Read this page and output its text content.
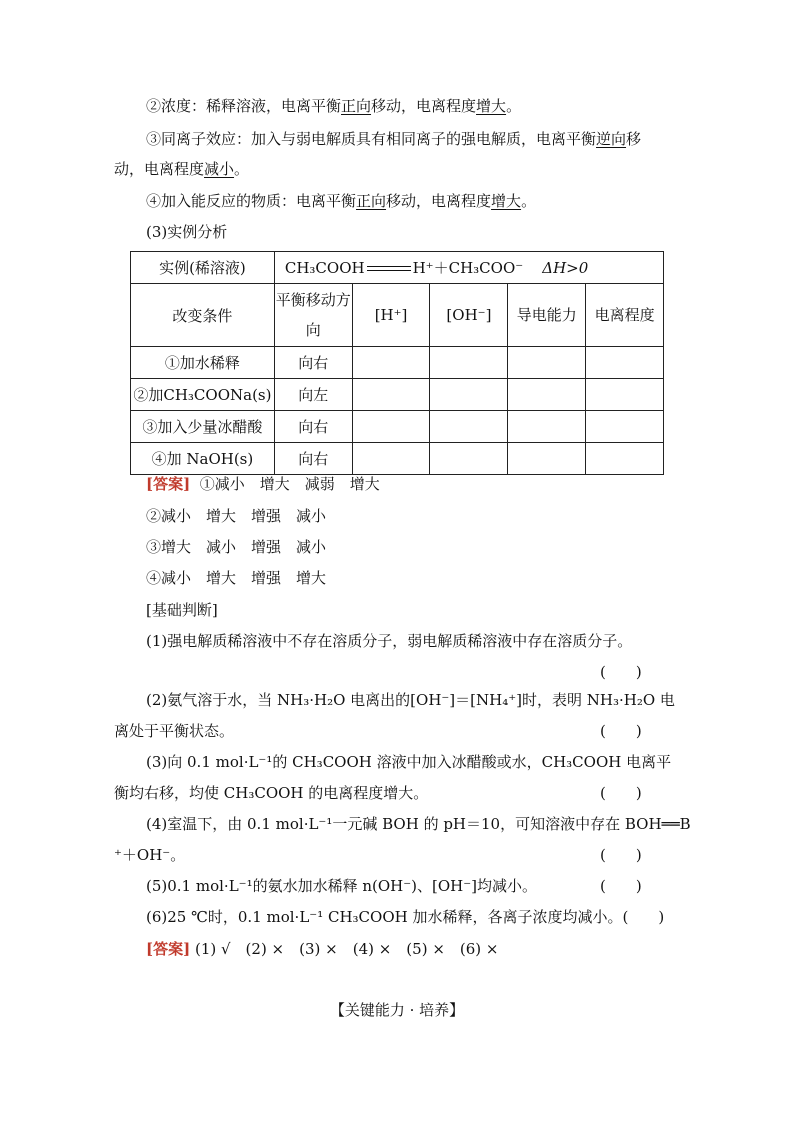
②浓度：稀释溶液，电离平衡正向移动，电离程度增大。
③同离子效应：加入与弱电解质具有相同离子的强电解质，电离平衡逆向移
动，电离程度减小。
④加入能反应的物质：电离平衡正向移动，电离程度增大。
(3)实例分析
实例(稀溶液)	CH₃COOH H⁺＋CH₃COO⁻ ΔH>0				
改变条件	平衡移动方向	[H⁺]	[OH⁻]	导电能力	电离程度
①加水稀释	向右				
②加CH₃COONa(s)	向左				
③加入少量冰醋酸	向右				
④加 NaOH(s)	向右				
[答案] ①减小　增大　减弱　增大
②减小　增大　增强　减小
③增大　减小　增强　减小
④减小　增大　增强　增大
[基础判断]
(1)强电解质稀溶液中不存在溶质分子，弱电解质稀溶液中存在溶质分子。
(　　)
(2)氨气溶于水，当 NH₃·H₂O 电离出的[OH⁻]＝[NH₄⁺]时，表明 NH₃·H₂O 电
离处于平衡状态。	(　　)
(3)向 0.1 mol·L⁻¹的 CH₃COOH 溶液中加入冰醋酸或水，CH₃COOH 电离平
衡均右移，均使 CH₃COOH 的电离程度增大。	(　　)
(4)室温下，由 0.1 mol·L⁻¹一元碱 BOH 的 pH＝10，可知溶液中存在 BOH══B
⁺＋OH⁻。	(　　)
(5)0.1 mol·L⁻¹的氨水加水稀释 n(OH⁻)、[OH⁻]均减小。	(　　)
(6)25 ℃时，0.1 mol·L⁻¹ CH₃COOH 加水稀释，各离子浓度均减小。(　　)
[答案] (1) √　(2) ×　(3) ×　(4) ×　(5) ×　(6) ×
【关键能力 · 培养】
